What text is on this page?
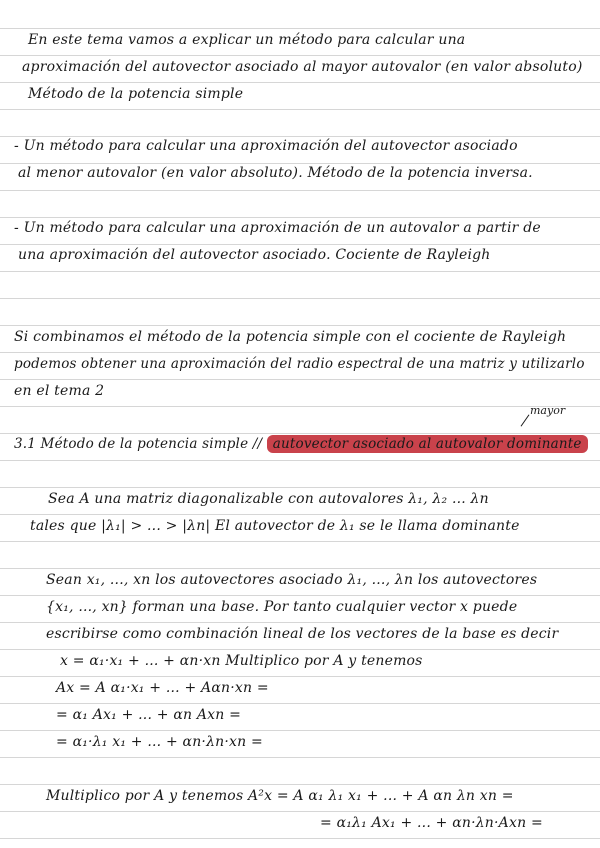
En este tema vamos a explicar un método para calcular una
aproximación del autovector asociado al mayor autovalor (en valor absoluto)
Método de la potencia simple
- Un método para calcular una aproximación del autovector asociado
al menor autovalor (en valor absoluto). Método de la potencia inversa.
- Un método para calcular una aproximación de un autovalor a partir de
una aproximación del autovector asociado. Cociente de Rayleigh
Si combinamos el método de la potencia simple con el cociente de Rayleigh
podemos obtener una aproximación del radio espectral de una matriz y utilizarlo
en el tema 2
mayor
3.1 Método de la potencia simple // autovector asociado al autovalor dominante
Sea A una matriz diagonalizable con autovalores λ₁, λ₂ ... λn
tales que |λ₁| > ... > |λn| El autovector de λ₁ se le llama dominante
Sean x₁, ..., xn los autovectores asociado λ₁, ..., λn los autovectores
{x₁, ..., xn} forman una base. Por tanto cualquier vector x puede
escribirse como combinación lineal de los vectores de la base es decir
x = α₁·x₁ + ... + αn·xn Multiplico por A y tenemos
Ax = A α₁·x₁ + ... + Aαn·xn =
= α₁ Ax₁ + ... + αn Axn =
= α₁·λ₁ x₁ + ... + αn·λn·xn =
Multiplico por A y tenemos A²x = A α₁ λ₁ x₁ + ... + A αn λn xn =
= α₁λ₁ Ax₁ + ... + αn·λn·Axn =
